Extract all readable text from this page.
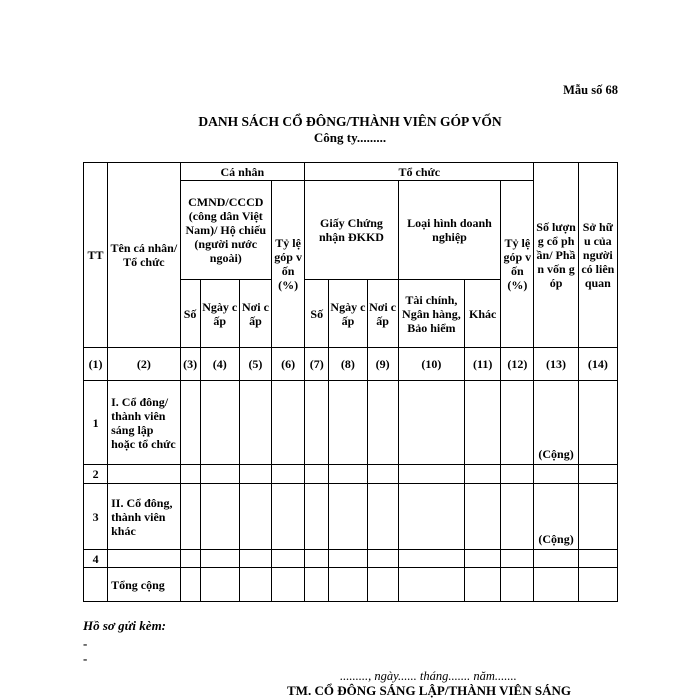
Mẫu số 68
DANH SÁCH CỔ ĐÔNG/THÀNH VIÊN GÓP VỐN
Công ty.........
TT	Tên cá nhân/ Tổ chức	Cá nhân				Tổ chức						Số lượng cổ phần/ Phần vốn góp	Sở hữu của người có liên quan
		CMND/CCCD (công dân Việt Nam)/ Hộ chiếu (người nước ngoài)			Tỷ lệ góp vốn (%)	Giấy Chứng nhận ĐKKD			Loại hình doanh nghiệp		Tỷ lệ góp vốn (%)		
		Số	Ngày cấp	Nơi cấp		Số	Ngày cấp	Nơi cấp	Tài chính, Ngân hàng, Bảo hiểm	Khác			
(1)	(2)	(3)	(4)	(5)	(6)	(7)	(8)	(9)	(10)	(11)	(12)	(13)	(14)
1	I. Cổ đông/ thành viên sáng lập hoặc tổ chức											(Cộng)	
2													
3	II. Cổ đông, thành viên khác											(Cộng)	
4													
	Tổng cộng												
Hồ sơ gửi kèm:
-
-
........., ngày...... tháng....... năm.......
TM. CỔ ĐÔNG SÁNG LẬP/THÀNH VIÊN SÁNG
